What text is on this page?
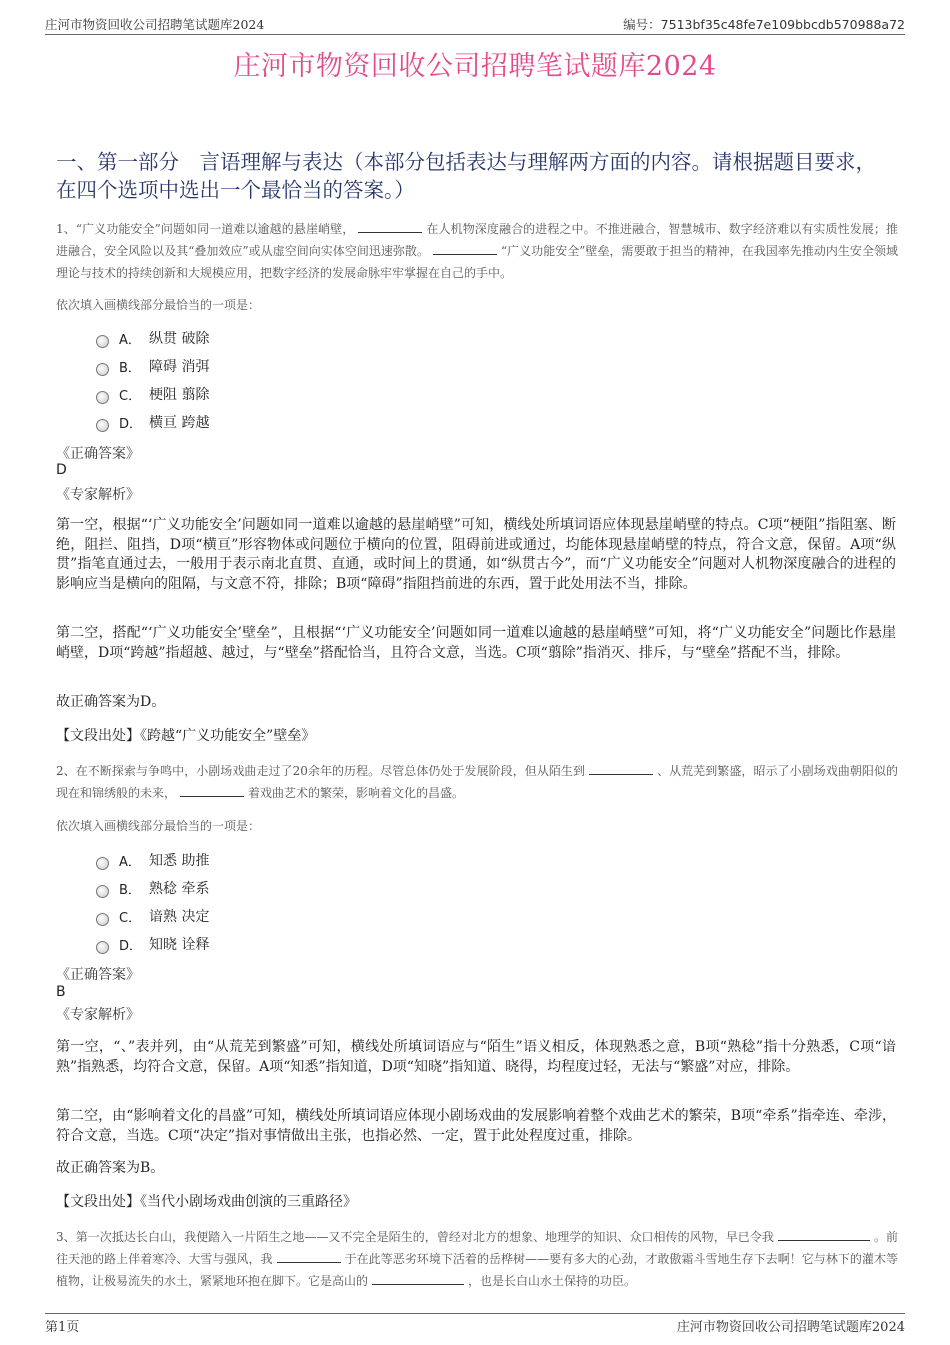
庄河市物资回收公司招聘笔试题库2024	编号：7513bf35c48fe7e109bbcdb570988a72
庄河市物资回收公司招聘笔试题库2024
一、第一部分　言语理解与表达（本部分包括表达与理解两方面的内容。请根据题目要求，在四个选项中选出一个最恰当的答案。）
1、“广义功能安全”问题如同一道难以逾越的悬崖峭壁，	在人机物深度融合的进程之中。不推进融合，智慧城市、数字经济难以有实质性发展；推进融合，安全风险以及其“叠加效应”或从虚空间向实体空间迅速弥散。	“广义功能安全”壁垒，需要敢于担当的精神，在我国率先推动内生安全领域理论与技术的持续创新和大规模应用，把数字经济的发展命脉牢牢掌握在自己的手中。
依次填入画横线部分最恰当的一项是：
A． 纵贯 破除
B． 障碍 消弭
C． 梗阻 翦除
D． 横亘 跨越
《正确答案》
D
《专家解析》
第一空，根据“‘广义功能安全’问题如同一道难以逾越的悬崖峭壁”可知，横线处所填词语应体现悬崖峭壁的特点。C项“梗阻”指阻塞、断绝，阻拦、阻挡，D项“横亘”形容物体或问题位于横向的位置，阻碍前进或通过，均能体现悬崖峭壁的特点，符合文意，保留。A项“纵贯”指笔直通过去，一般用于表示南北直贯、直通，或时间上的贯通，如“纵贯古今”，而“广义功能安全”问题对人机物深度融合的进程的影响应当是横向的阻隔，与文意不符，排除；B项“障碍”指阻挡前进的东西，置于此处用法不当，排除。
第二空，搭配“‘广义功能安全’壁垒”，且根据“‘广义功能安全’问题如同一道难以逾越的悬崖峭壁”可知，将“广义功能安全”问题比作悬崖峭壁，D项“跨越”指超越、越过，与“壁垒”搭配恰当，且符合文意，当选。C项“翦除”指消灭、排斥，与“壁垒”搭配不当，排除。
故正确答案为D。
【文段出处】《跨越“广义功能安全”壁垒》
2、在不断探索与争鸣中，小剧场戏曲走过了20余年的历程。尽管总体仍处于发展阶段，但从陌生到	、从荒芜到繁盛，昭示了小剧场戏曲朝阳似的现在和锦绣般的未来，	着戏曲艺术的繁荣，影响着文化的昌盛。
依次填入画横线部分最恰当的一项是：
A． 知悉 助推
B． 熟稔 牵系
C． 谙熟 决定
D． 知晓 诠释
《正确答案》
B
《专家解析》
第一空，“、”表并列，由“从荒芜到繁盛”可知，横线处所填词语应与“陌生”语义相反，体现熟悉之意，B项“熟稔”指十分熟悉，C项“谙熟”指熟悉，均符合文意，保留。A项“知悉”指知道，D项“知晓”指知道、晓得，均程度过轻，无法与“繁盛”对应，排除。
第二空，由“影响着文化的昌盛”可知，横线处所填词语应体现小剧场戏曲的发展影响着整个戏曲艺术的繁荣，B项“牵系”指牵连、牵涉，符合文意，当选。C项“决定”指对事情做出主张，也指必然、一定，置于此处程度过重，排除。
故正确答案为B。
【文段出处】《当代小剧场戏曲创演的三重路径》
3、第一次抵达长白山，我便踏入一片陌生之地——又不完全是陌生的，曾经对北方的想象、地理学的知识、众口相传的风物，早已令我	。前往天池的路上伴着寒冷、大雪与强风，我	于在此等恶劣环境下活着的岳桦树——要有多大的心劲，才敢傲霜斗雪地生存下去啊！它与林下的灌木等植物，让极易流失的水土，紧紧地环抱在脚下。它是高山的	，也是长白山水土保持的功臣。
第1页	庄河市物资回收公司招聘笔试题库2024
